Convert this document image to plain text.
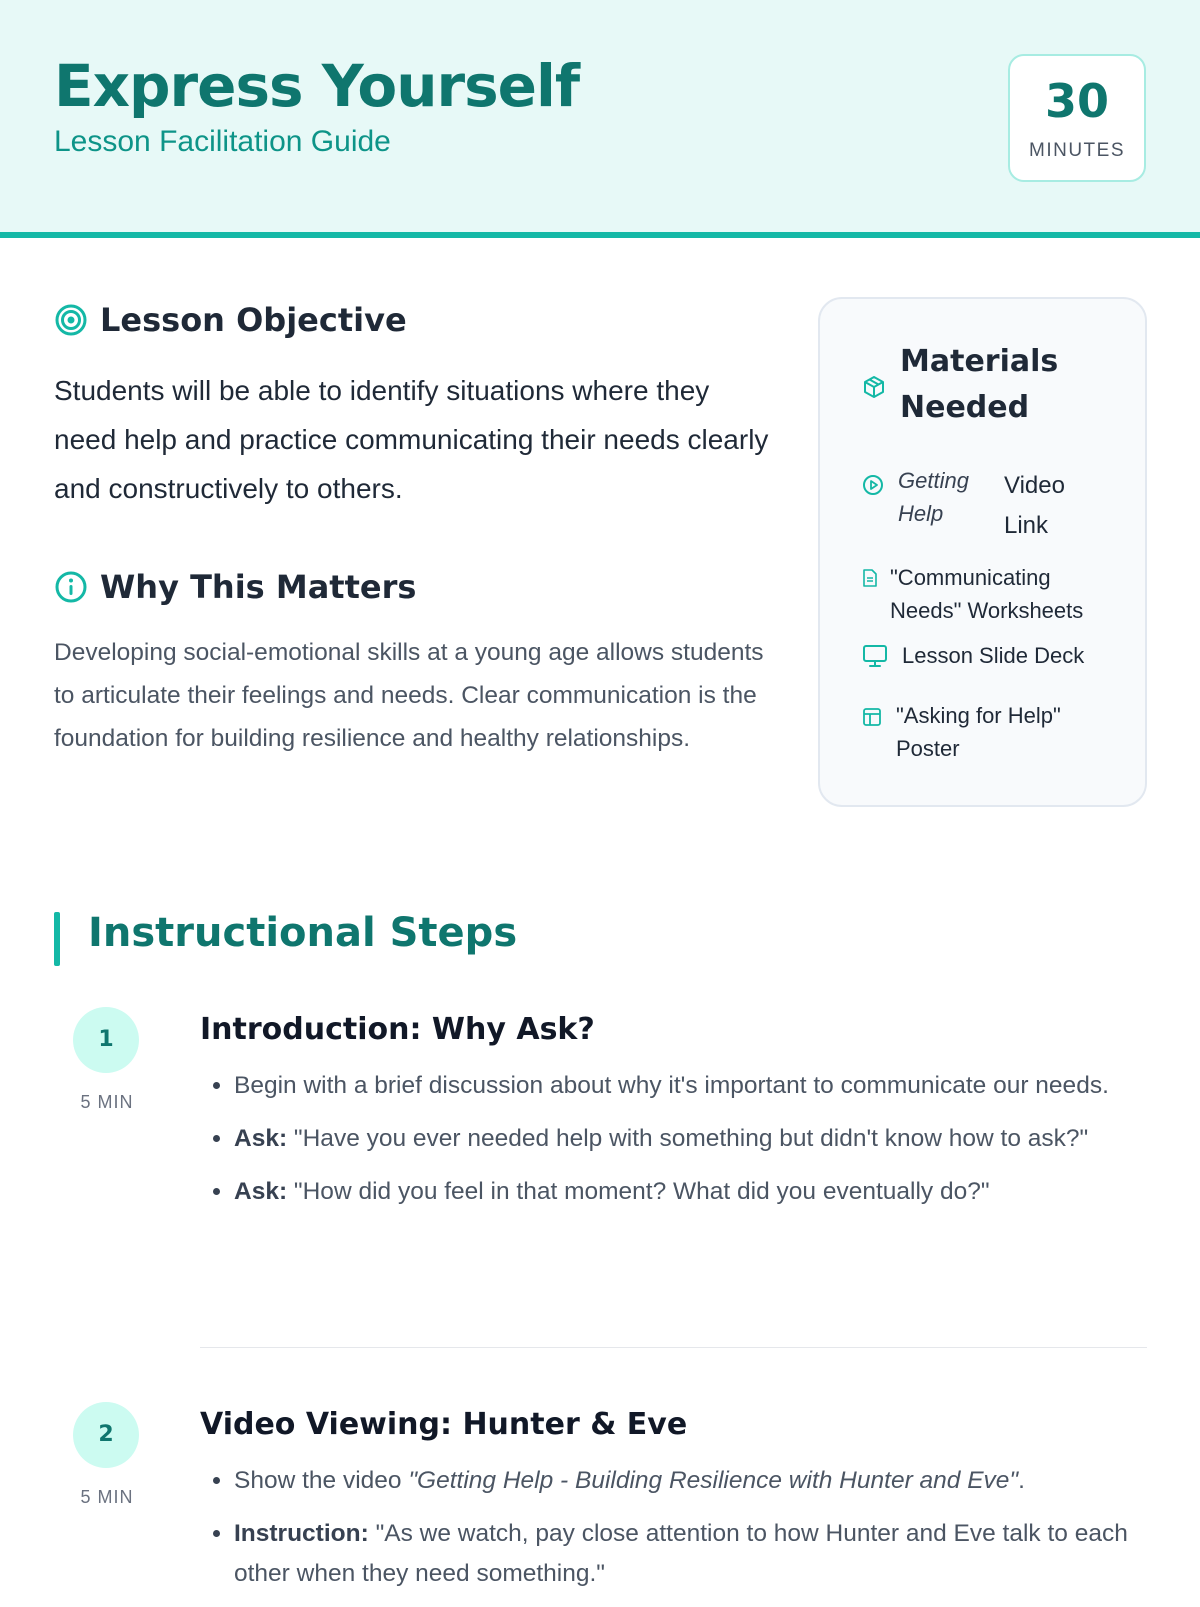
Express Yourself
Lesson Facilitation Guide
30
MINUTES
Lesson Objective

Students will be able to identify situations where they need help and practice communicating their needs clearly and constructively to others.

Why This Matters

Developing social-emotional skills at a young age allows students to articulate their feelings and needs. Clear communication is the foundation for building resilience and healthy relationships.

Materials Needed
Getting Help
Video Link
"Communicating Needs" Worksheets
Lesson Slide Deck
"Asking for Help" Poster
Instructional Steps
1
5 MIN
Introduction: Why Ask?
• Begin with a brief discussion about why it's important to communicate our needs.
• Ask: "Have you ever needed help with something but didn't know how to ask?"
• Ask: "How did you feel in that moment? What did you eventually do?"
2
5 MIN
Video Viewing: Hunter & Eve
• Show the video "Getting Help - Building Resilience with Hunter and Eve".
• Instruction: "As we watch, pay close attention to how Hunter and Eve talk to each other when they need something."
